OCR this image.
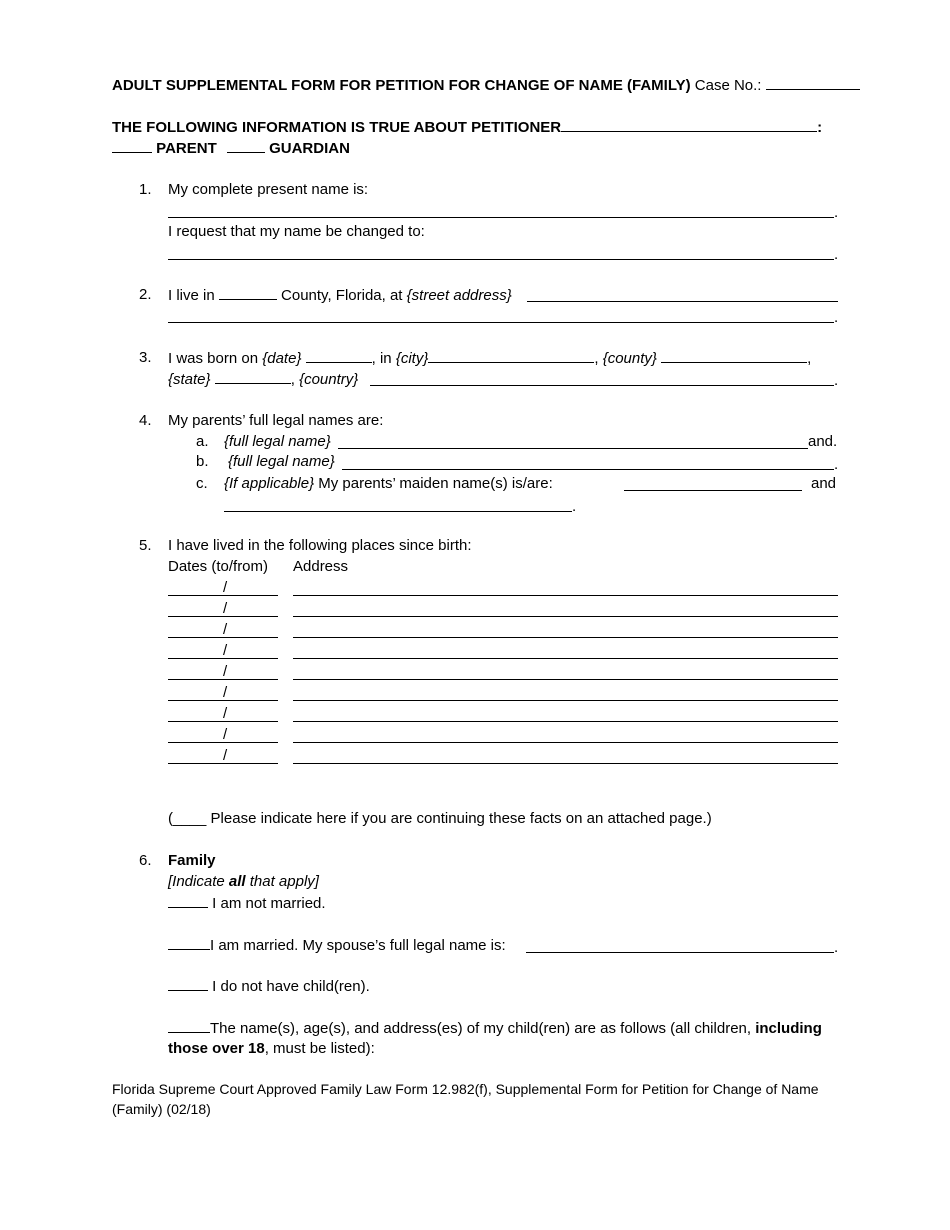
ADULT SUPPLEMENTAL FORM FOR PETITION FOR CHANGE OF NAME (FAMILY) Case No.:
THE FOLLOWING INFORMATION IS TRUE ABOUT PETITIONER	:
PARENT	GUARDIAN
1. My complete present name is:
.
I request that my name be changed to:
.
2. I live in	County, Florida, at {street address}
.
3. I was born on {date}	, in {city}	, {county}	,
{state}	, {country}	.
4. My parents’ full legal names are:
a. {full legal name}	and.
b. {full legal name}	.
c. {If applicable} My parents’ maiden name(s) is/are:	and
.
5. I have lived in the following places since birth:
Dates (to/from) Address
/
/
/
/
/
/
/
/
/
(____ Please indicate here if you are continuing these facts on an attached page.)
6. Family
[Indicate all that apply]
I am not married.
I am married. My spouse’s full legal name is:	.
I do not have child(ren).
The name(s), age(s), and address(es) of my child(ren) are as follows (all children, including
those over 18, must be listed):
Florida Supreme Court Approved Family Law Form 12.982(f), Supplemental Form for Petition for Change of Name
(Family) (02/18)
